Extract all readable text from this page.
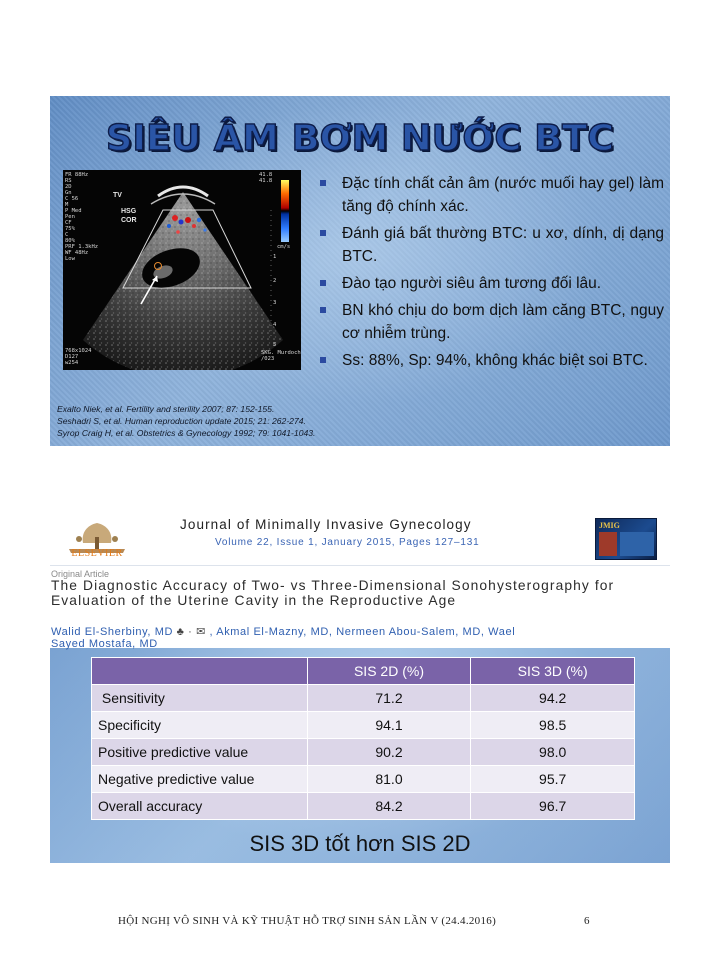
SIÊU ÂM BƠM NƯỚC BTC
FR 88Hz
RS
2D
Gn
C 56
M
P Med
Pen
CF
75%
C
80%
PRF 1.3kHz
WF 48Hz
Low
TV
HSG
COR
41.8
41.8
cm/s
1
2
3
4
5
768x1024
D127
w254
SKG. Murdoch
/023
Đặc tính chất cản âm (nước muối hay gel) làm tăng độ chính xác.
Đánh giá bất thường BTC: u xơ, dính, dị dạng BTC.
Đào tạo người siêu âm tương đối lâu.
BN khó chịu do bơm dịch làm căng BTC, nguy cơ nhiễm trùng.
Ss: 88%, Sp: 94%, không khác biệt soi BTC.
Exalto Niek, et al. Fertility and sterility 2007; 87: 152-155.
Seshadri S, et al. Human reproduction update 2015; 21: 262-274.
Syrop Craig H, et al. Obstetrics & Gynecology 1992; 79: 1041-1043.
ELSEVIER
Journal of Minimally Invasive Gynecology
Volume 22, Issue 1, January 2015, Pages 127–131
JMIG
Original Article
The Diagnostic Accuracy of Two- vs Three-Dimensional Sonohysterography for Evaluation of the Uterine Cavity in the Reproductive Age
Walid El-Sherbiny, MD ♣ · ✉ , Akmal El-Mazny, MD, Nermeen Abou-Salem, MD, Wael
Sayed Mostafa, MD
	SIS 2D (%)	SIS 3D (%)
Sensitivity	71.2	94.2
Specificity	94.1	98.5
Positive predictive value	90.2	98.0
Negative predictive value	81.0	95.7
Overall accuracy	84.2	96.7
SIS 3D tốt hơn SIS 2D
HỘI NGHỊ VÔ SINH VÀ KỸ THUẬT HỖ TRỢ SINH SẢN LẦN V (24.4.2016)	6
